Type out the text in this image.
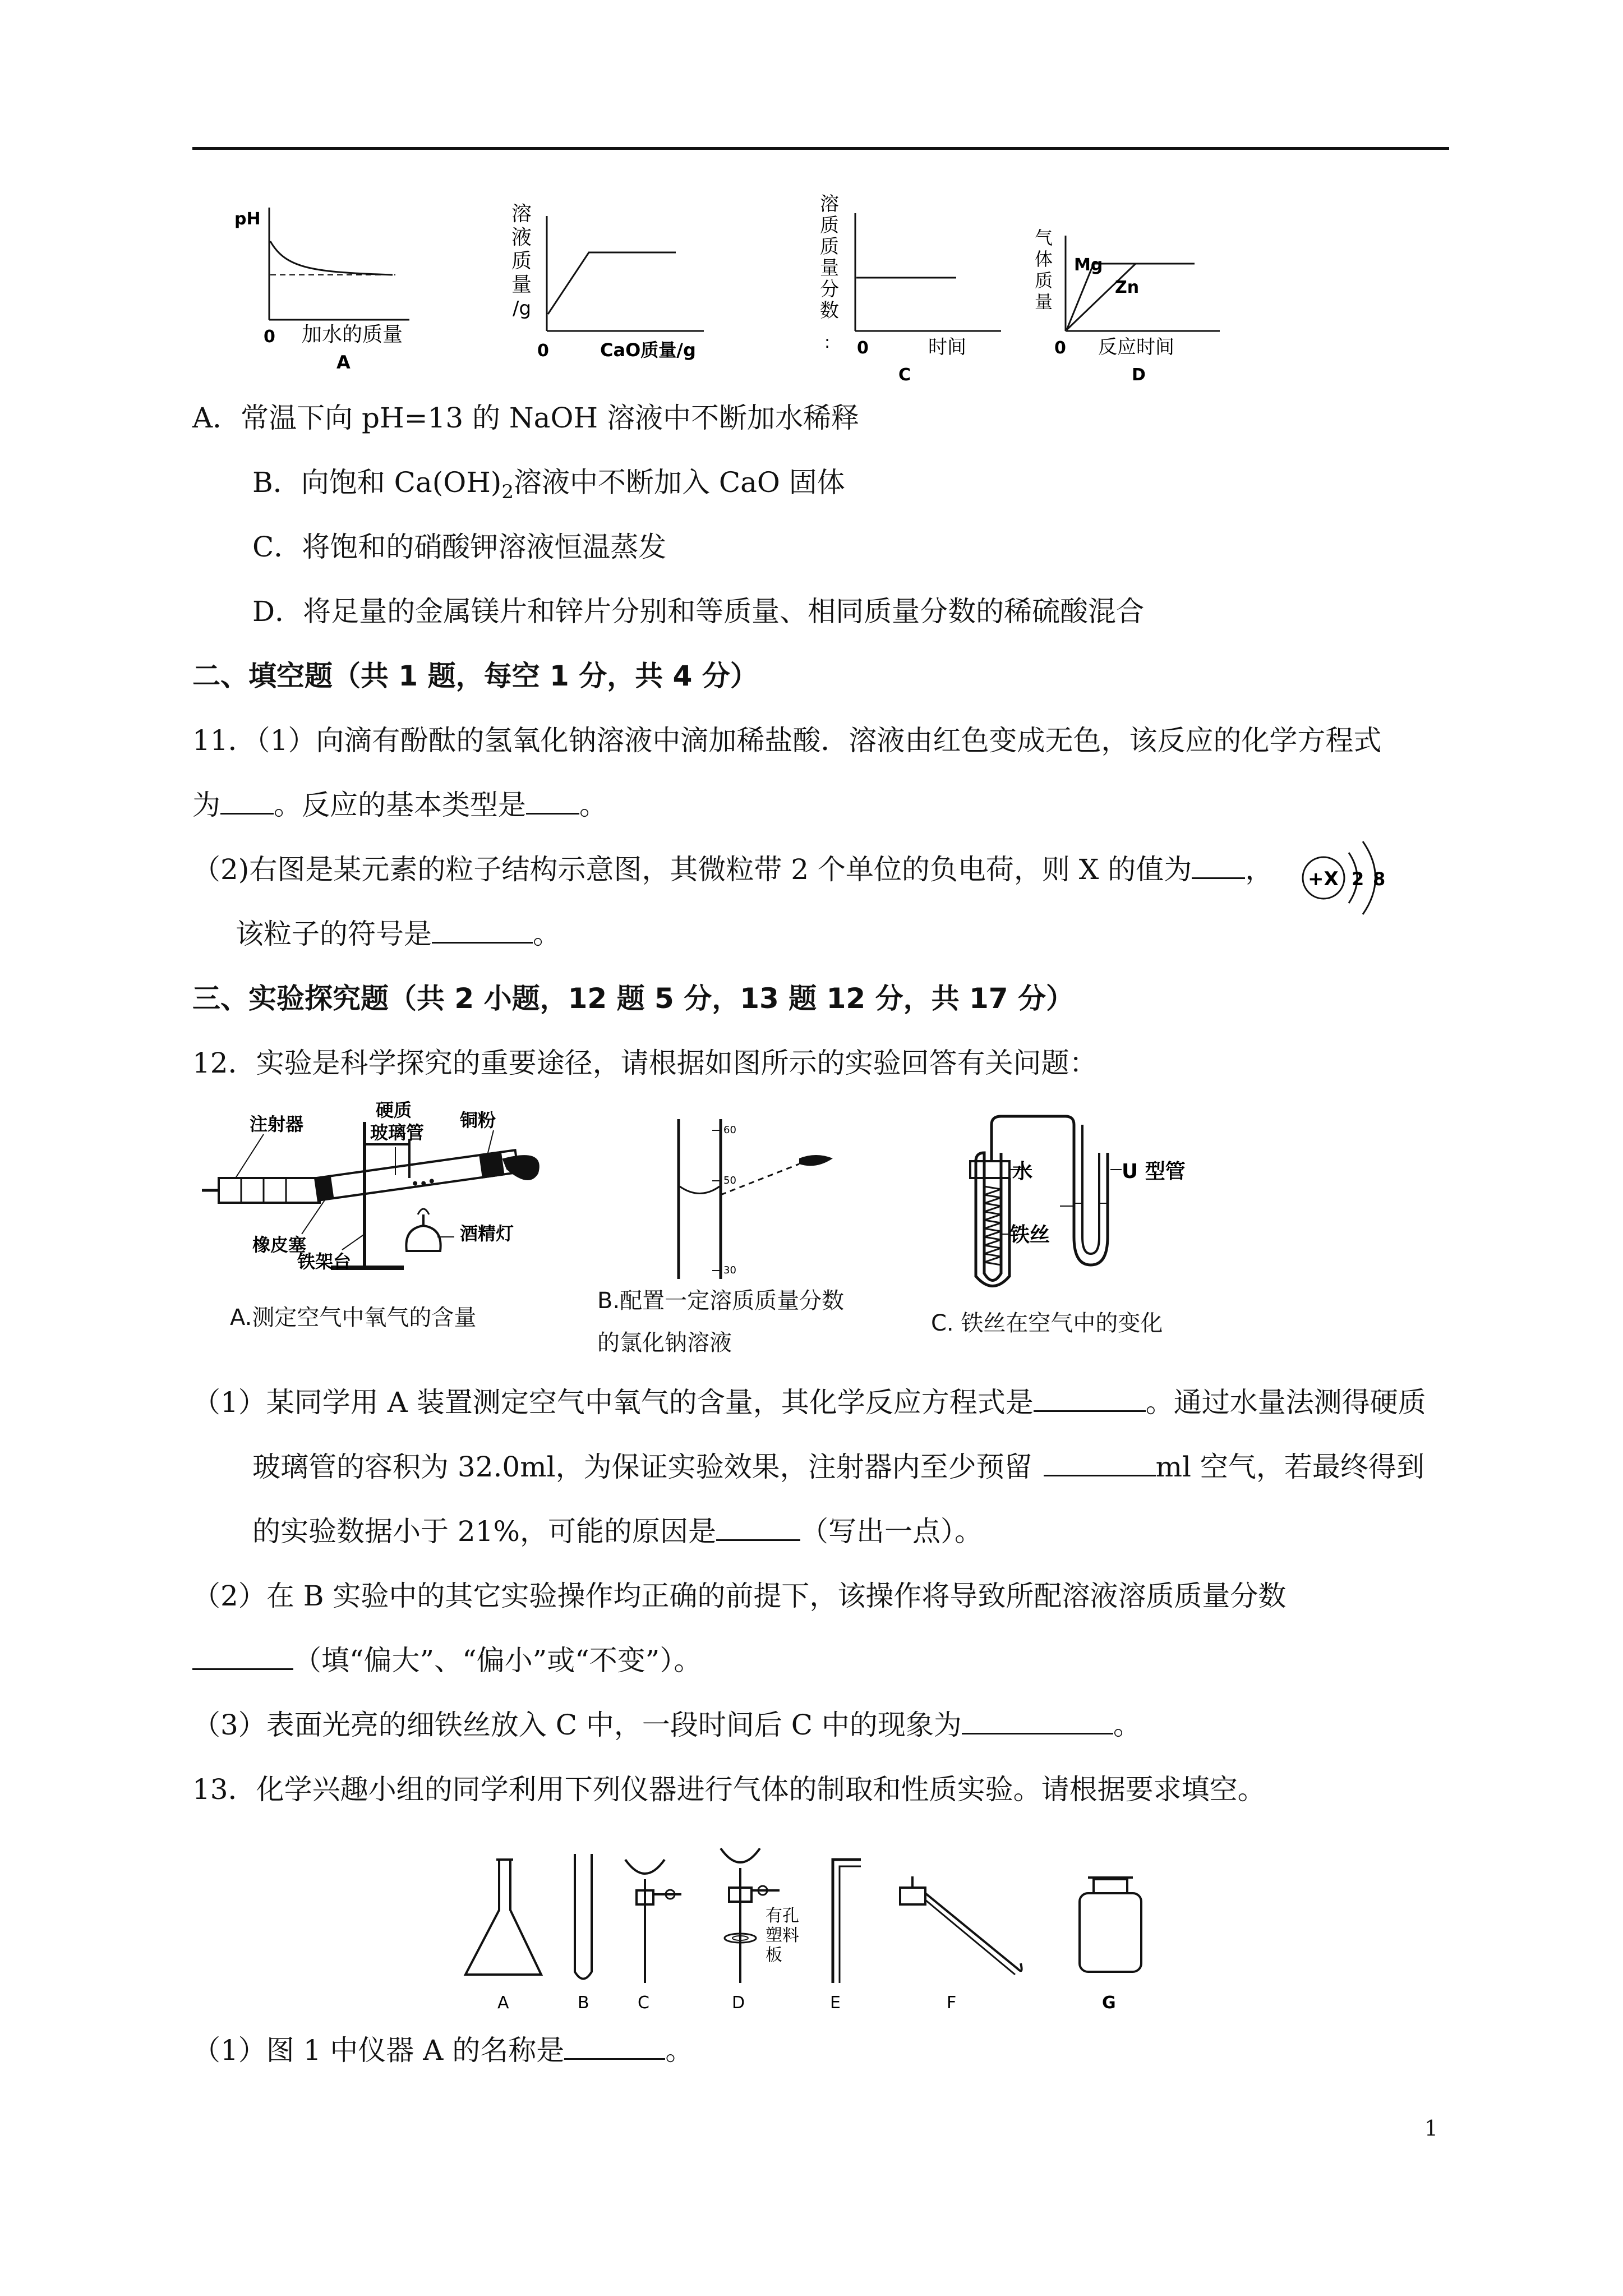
pH
0 加水的质量
A
溶
液
质
量
/g
0	CaO质量/g
溶
质
质
量
分
数
: 0	时间
C
气
体
质
量
Mg
Zn
0 反应时间
D
A．常温下向 pH=13 的 NaOH 溶液中不断加水稀释
B．向饱和 $Ca(OH)_2$溶液中不断加入 CaO 固体
C．将饱和的硝酸钾溶液恒温蒸发
D．将足量的金属镁片和锌片分别和等质量、相同质量分数的稀硫酸混合
二、填空题（共 1 题，每空 1 分，共 4 分）
11．（1）向滴有酚酞的氢氧化钠溶液中滴加稀盐酸．溶液由红色变成无色，该反应的化学方程式
为 。反应的基本类型是 。
（2)右图是某元素的粒子结构示意图，其微粒带 2 个单位的负电荷，则 X 的值为 ，
该粒子的符号是	。
+X 2 8
三、实验探究题（共 2 小题，12 题 5 分，13 题 12 分，共 17 分）
12．实验是科学探究的重要途径，请根据如图所示的实验回答有关问题：
注射器
硬质
玻璃管
铜粉
橡皮塞
酒精灯
铁架台
A.测定空气中氧气的含量
60
50
30
B.配置一定溶质质量分数
的氯化钠溶液
水	U 型管
铁丝
C. 铁丝在空气中的变化
（1）某同学用 A 装置测定空气中氧气的含量，其化学反应方程式是	。通过水量法测得硬质
玻璃管的容积为 32.0ml，为保证实验效果，注射器内至少预留	ml 空气，若最终得到
的实验数据小于 21%，可能的原因是	（写出一点）。
（2）在 B 实验中的其它实验操作均正确的前提下，该操作将导致所配溶液溶质质量分数
（填“偏大”、“偏小”或“不变”）。
（3）表面光亮的细铁丝放入 C 中，一段时间后 C 中的现象为	。
13．化学兴趣小组的同学利用下列仪器进行气体的制取和性质实验。请根据要求填空。
A	B	C	D	E	F	G
有孔
塑料
板
（1）图 1 中仪器 A 的名称是	。
1
